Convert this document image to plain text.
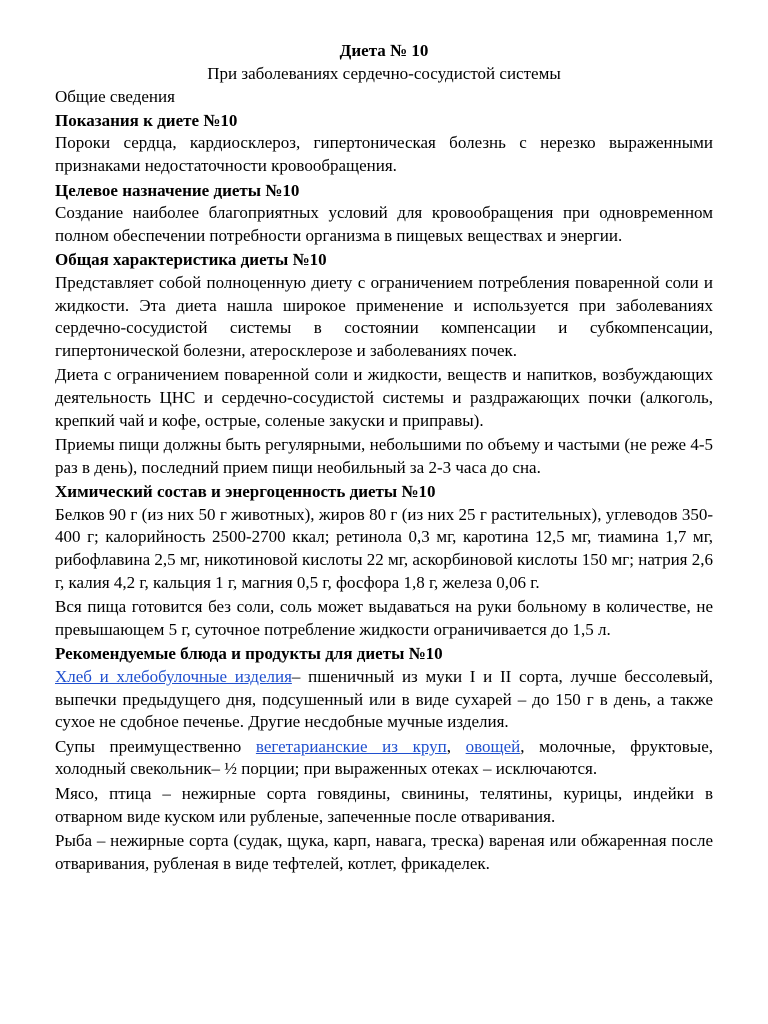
Диета № 10
При заболеваниях сердечно-сосудистой системы
Общие сведения
Показания к диете №10
Пороки сердца, кардиосклероз, гипертоническая болезнь с нерезко выраженными признаками недостаточности кровообращения.
Целевое назначение диеты №10
Создание наиболее благоприятных условий для кровообращения при одновременном полном обеспечении потребности организма в пищевых веществах и энергии.
Общая характеристика диеты №10
Представляет собой полноценную диету с ограничением потребления поваренной соли и жидкости. Эта диета нашла широкое применение и используется при заболеваниях сердечно-сосудистой системы в состоянии компенсации и субкомпенсации, гипертонической болезни, атеросклерозе и заболеваниях почек.
Диета с ограничением поваренной соли и жидкости, веществ и напитков, возбуждающих деятельность ЦНС и сердечно-сосудистой системы и раздражающих почки (алкоголь, крепкий чай и кофе, острые, соленые закуски и приправы).
Приемы пищи должны быть регулярными, небольшими по объему и частыми (не реже 4-5 раз в день), последний прием пищи необильный за 2-3 часа до сна.
Химический состав и энергоценность диеты №10
Белков 90 г (из них 50 г животных), жиров 80 г (из них 25 г растительных), углеводов 350-400 г; калорийность 2500-2700 ккал; ретинола 0,3 мг, каротина 12,5 мг, тиамина 1,7 мг, рибофлавина 2,5 мг, никотиновой кислоты 22 мг, аскорбиновой кислоты 150 мг; натрия 2,6 г, калия 4,2 г, кальция 1 г, магния 0,5 г, фосфора 1,8 г, железа 0,06 г.
Вся пища готовится без соли, соль может выдаваться на руки больному в количестве, не превышающем 5 г, суточное потребление жидкости ограничивается до 1,5 л.
Рекомендуемые блюда и продукты для диеты №10
Хлеб и хлебобулочные изделия– пшеничный из муки I и II сорта, лучше бессолевый, выпечки предыдущего дня, подсушенный или в виде сухарей – до 150 г в день, а также сухое не сдобное печенье. Другие несдобные мучные изделия.
Супы преимущественно вегетарианские из круп, овощей, молочные, фруктовые, холодный свекольник– ½ порции; при выраженных отеках – исключаются.
Мясо, птица – нежирные сорта говядины, свинины, телятины, курицы, индейки в отварном виде куском или рубленые, запеченные после отваривания.
Рыба – нежирные сорта (судак, щука, карп, навага, треска) вареная или обжаренная после отваривания, рубленая в виде тефтелей, котлет, фрикаделек.
